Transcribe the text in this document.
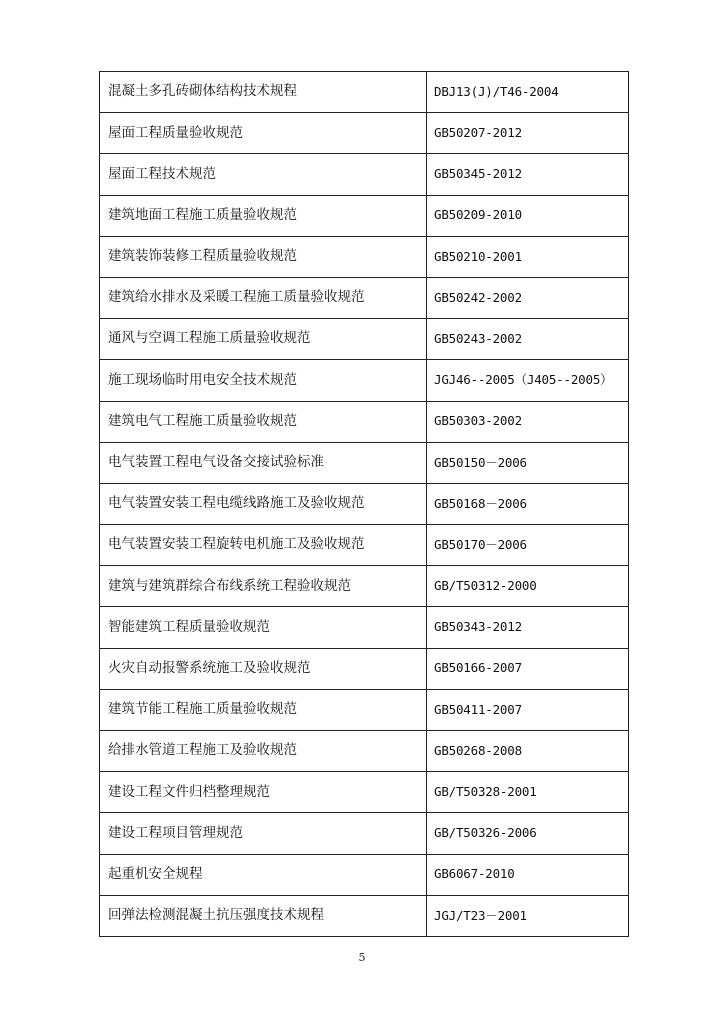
混凝土多孔砖砌体结构技术规程	DBJ13(J)/T46-2004
屋面工程质量验收规范	GB50207-2012
屋面工程技术规范	GB50345-2012
建筑地面工程施工质量验收规范	GB50209-2010
建筑装饰装修工程质量验收规范	GB50210-2001
建筑给水排水及采暖工程施工质量验收规范	GB50242-2002
通风与空调工程施工质量验收规范	GB50243-2002
施工现场临时用电安全技术规范	JGJ46--2005（J405--2005）
建筑电气工程施工质量验收规范	GB50303-2002
电气装置工程电气设备交接试验标准	GB50150－2006
电气装置安装工程电缆线路施工及验收规范	GB50168－2006
电气装置安装工程旋转电机施工及验收规范	GB50170－2006
建筑与建筑群综合布线系统工程验收规范	GB/T50312-2000
智能建筑工程质量验收规范	GB50343-2012
火灾自动报警系统施工及验收规范	GB50166-2007
建筑节能工程施工质量验收规范	GB50411-2007
给排水管道工程施工及验收规范	GB50268-2008
建设工程文件归档整理规范	GB/T50328-2001
建设工程项目管理规范	GB/T50326-2006
起重机安全规程	GB6067-2010
回弹法检测混凝土抗压强度技术规程	JGJ/T23－2001
5
